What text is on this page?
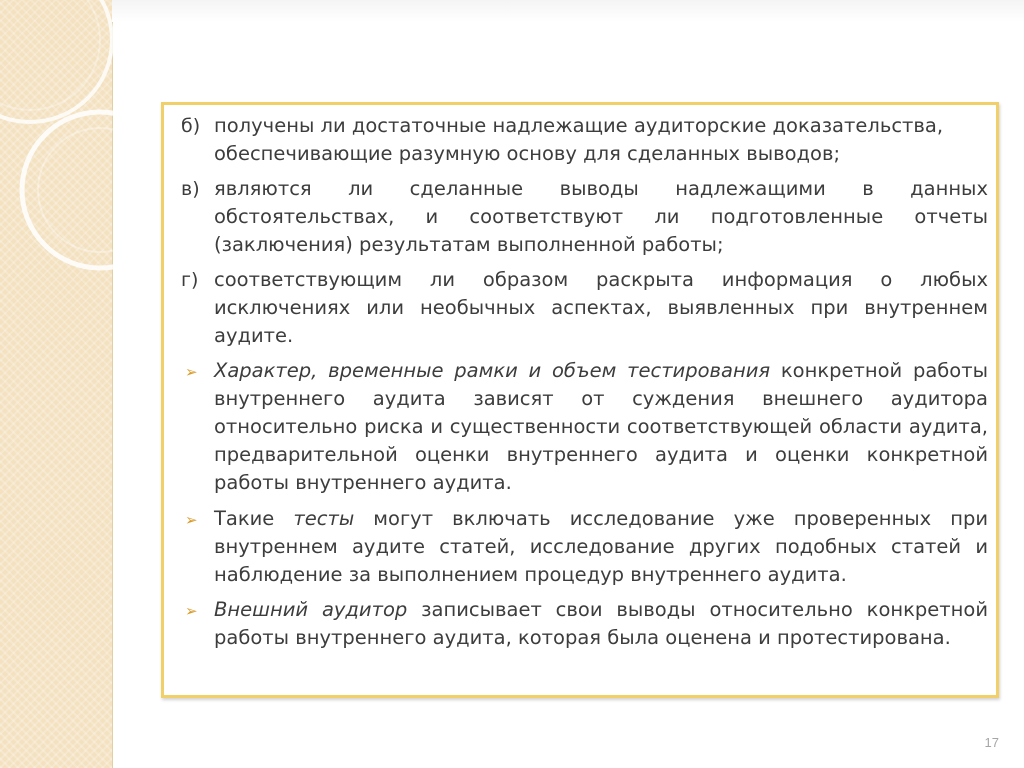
б) получены ли достаточные надлежащие аудиторские доказательства, обеспечивающие разумную основу для сделанных выводов;
в) являются ли сделанные выводы надлежащими в данных обстоятельствах, и соответствуют ли подготовленные отчеты (заключения) результатам выполненной работы;
г) соответствующим ли образом раскрыта информация о любых исключениях или необычных аспектах, выявленных при внутреннем аудите.
➢ Характер, временные рамки и объем тестирования конкретной работы внутреннего аудита зависят от суждения внешнего аудитора относительно риска и существенности соответствующей области аудита, предварительной оценки внутреннего аудита и оценки конкретной работы внутреннего аудита.
➢ Такие тесты могут включать исследование уже проверенных при внутреннем аудите статей, исследование других подобных статей и наблюдение за выполнением процедур внутреннего аудита.
➢ Внешний аудитор записывает свои выводы относительно конкретной работы внутреннего аудита, которая была оценена и протестирована.
17
